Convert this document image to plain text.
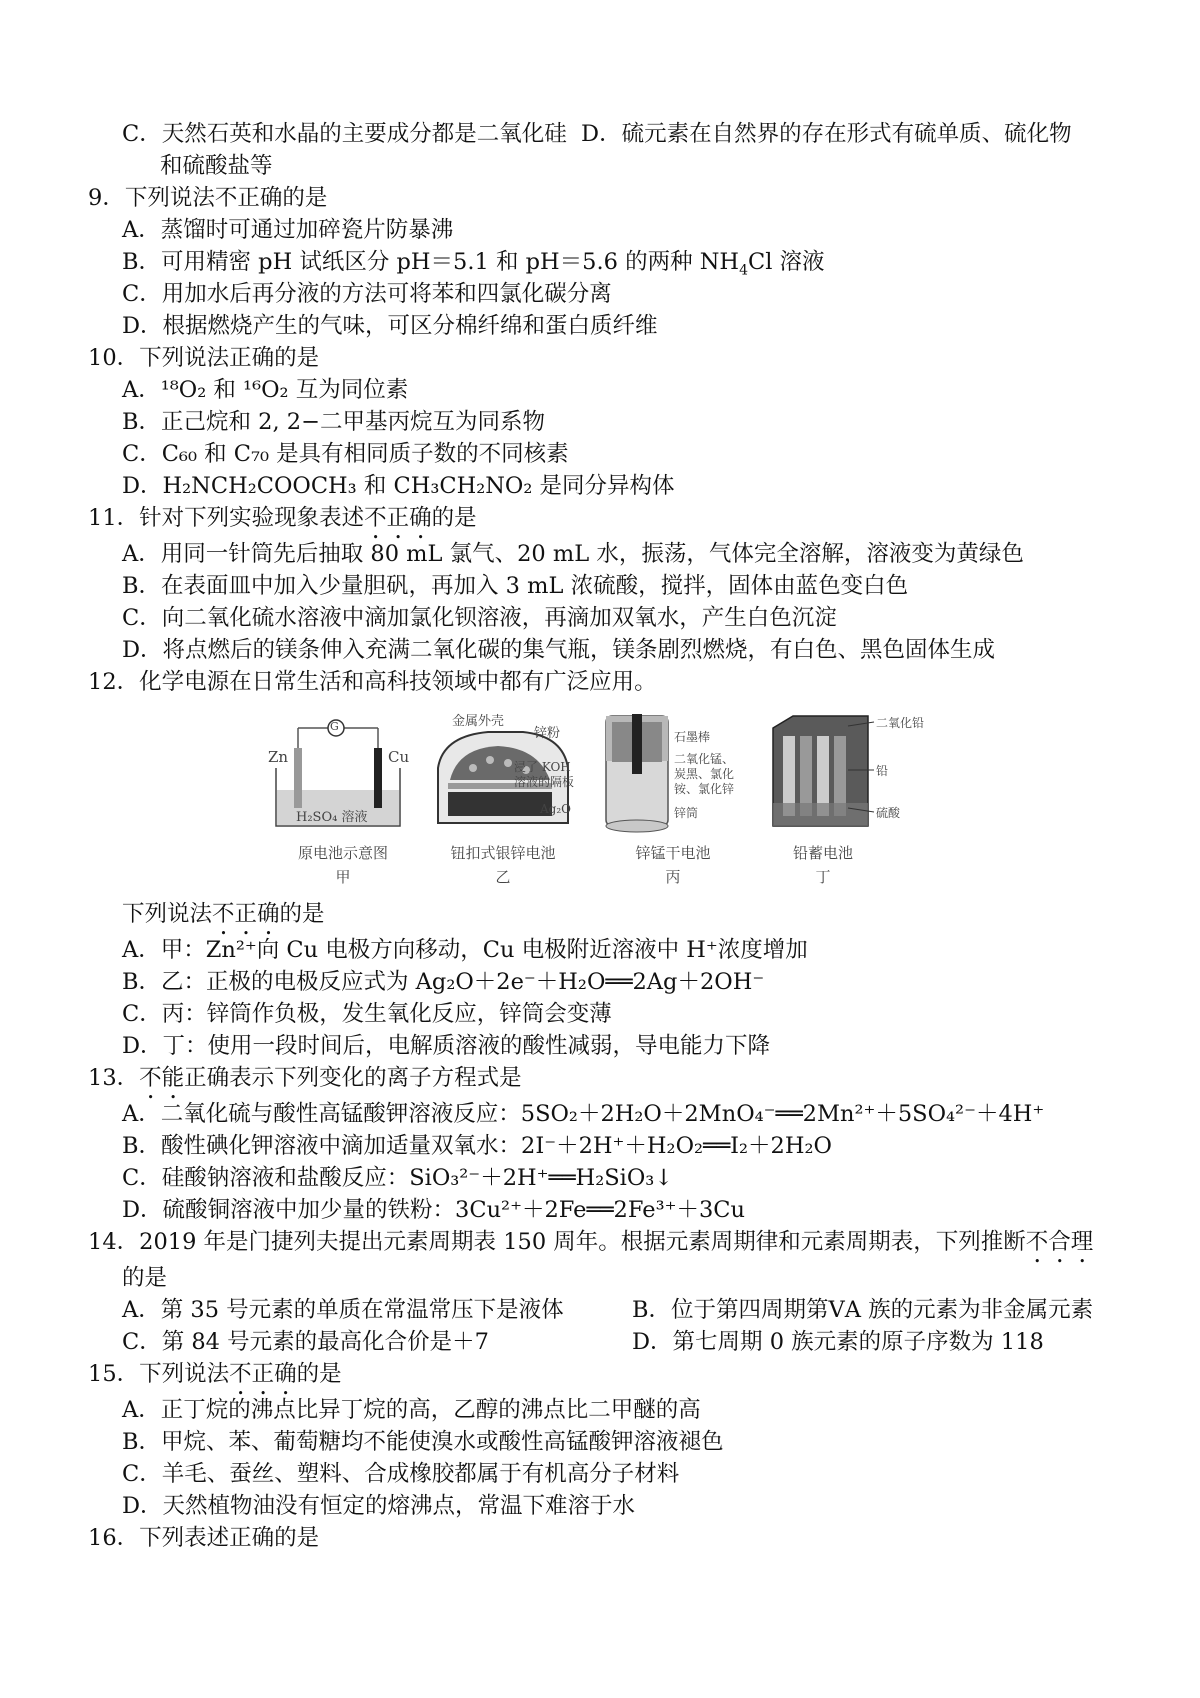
C．天然石英和水晶的主要成分都是二氧化硅 D．硫元素在自然界的存在形式有硫单质、硫化物
和硫酸盐等
9．下列说法不正确的是
A．蒸馏时可通过加碎瓷片防暴沸
B．可用精密 pH 试纸区分 pH＝5.1 和 pH＝5.6 的两种 $NH_4Cl$ 溶液
C．用加水后再分液的方法可将苯和四氯化碳分离
D．根据燃烧产生的气味，可区分棉纤绵和蛋白质纤维
10．下列说法正确的是
A．¹⁸O₂ 和 ¹⁶O₂ 互为同位素
B．正己烷和 2, 2−二甲基丙烷互为同系物
C．C₆₀ 和 C₇₀ 是具有相同质子数的不同核素
D．H₂NCH₂COOCH₃ 和 CH₃CH₂NO₂ 是同分异构体
11．针对下列实验现象表述不正确的是
A．用同一针筒先后抽取 80 mL 氯气、20 mL 水，振荡，气体完全溶解，溶液变为黄绿色
B．在表面皿中加入少量胆矾，再加入 3 mL 浓硫酸，搅拌，固体由蓝色变白色
C．向二氧化硫水溶液中滴加氯化钡溶液，再滴加双氧水，产生白色沉淀
D．将点燃后的镁条伸入充满二氧化碳的集气瓶，镁条剧烈燃烧，有白色、黑色固体生成
12．化学电源在日常生活和高科技领域中都有广泛应用。
G
Zn	Cu
H₂SO₄ 溶液
原电池示意图
甲
金属外壳
锌粉
浸了 KOH
溶液的隔板
Ag₂O
钮扣式银锌电池
乙
石墨棒
二氧化锰、
炭黑、氯化
铵、氯化锌
锌筒
锌锰干电池
丙
二氧化铅
铅
硫酸
铅蓄电池
丁
下列说法不正确的是
A．甲：Zn²⁺向 Cu 电极方向移动，Cu 电极附近溶液中 H⁺浓度增加
B．乙：正极的电极反应式为 Ag₂O＋2e⁻＋H₂O══2Ag＋2OH⁻
C．丙：锌筒作负极，发生氧化反应，锌筒会变薄
D．丁：使用一段时间后，电解质溶液的酸性减弱，导电能力下降
13．不能正确表示下列变化的离子方程式是
A．二氧化硫与酸性高锰酸钾溶液反应：5SO₂＋2H₂O＋2MnO₄⁻══2Mn²⁺＋5SO₄²⁻＋4H⁺
B．酸性碘化钾溶液中滴加适量双氧水：2I⁻＋2H⁺＋H₂O₂══I₂＋2H₂O
C．硅酸钠溶液和盐酸反应：SiO₃²⁻＋2H⁺══H₂SiO₃↓
D．硫酸铜溶液中加少量的铁粉：3Cu²⁺＋2Fe══2Fe³⁺＋3Cu
14．2019 年是门捷列夫提出元素周期表 150 周年。根据元素周期律和元素周期表，下列推断不合理
的是
A．第 35 号元素的单质在常温常压下是液体	B．位于第四周期第ⅤA 族的元素为非金属元素
C．第 84 号元素的最高化合价是＋7	D．第七周期 0 族元素的原子序数为 118
15．下列说法不正确的是
A．正丁烷的沸点比异丁烷的高，乙醇的沸点比二甲醚的高
B．甲烷、苯、葡萄糖均不能使溴水或酸性高锰酸钾溶液褪色
C．羊毛、蚕丝、塑料、合成橡胶都属于有机高分子材料
D．天然植物油没有恒定的熔沸点，常温下难溶于水
16．下列表述正确的是
